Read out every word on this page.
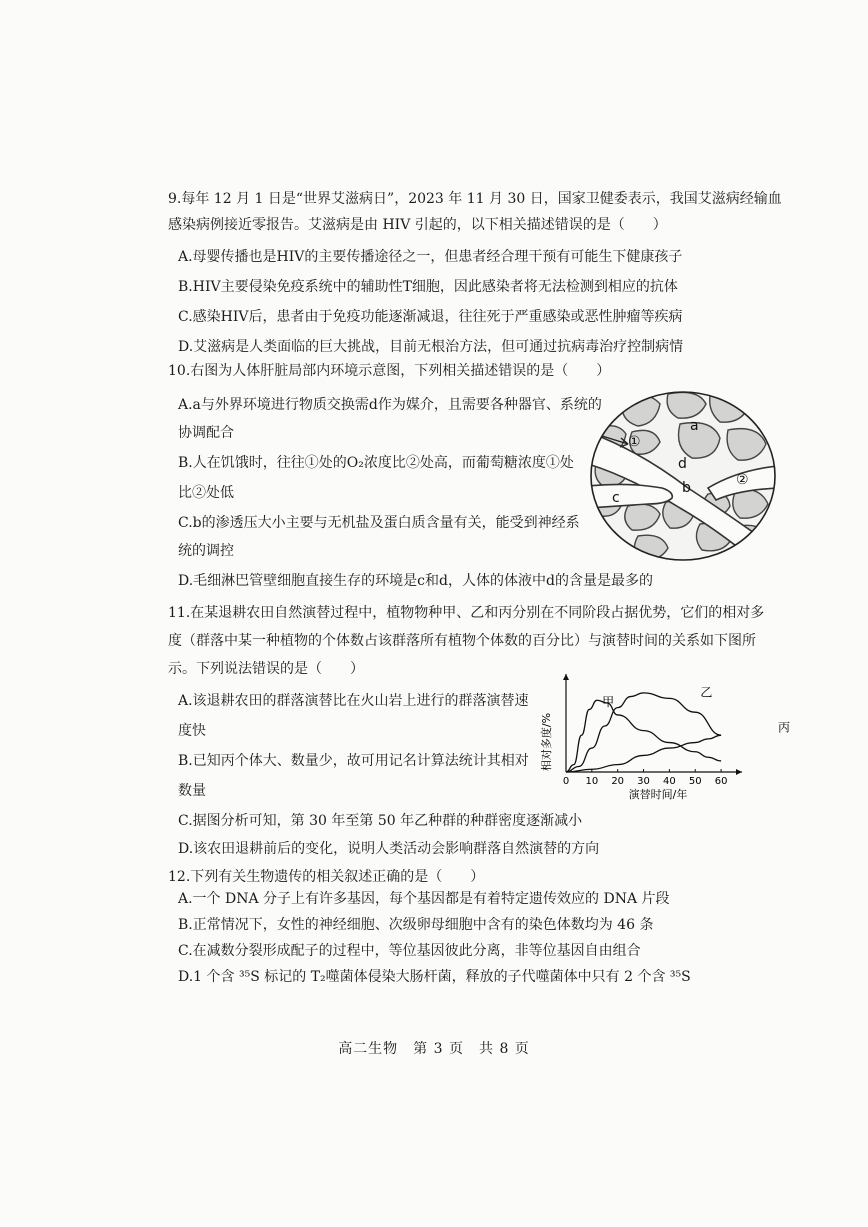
9.每年 12 月 1 日是“世界艾滋病日”，2023 年 11 月 30 日，国家卫健委表示，我国艾滋病经输血
感染病例接近零报告。艾滋病是由 HIV 引起的，以下相关描述错误的是（　　）
A.母婴传播也是HIV的主要传播途径之一，但患者经合理干预有可能生下健康孩子
B.HIV主要侵染免疫系统中的辅助性T细胞，因此感染者将无法检测到相应的抗体
C.感染HIV后，患者由于免疫功能逐渐减退，往往死于严重感染或恶性肿瘤等疾病
D.艾滋病是人类面临的巨大挑战，目前无根治方法，但可通过抗病毒治疗控制病情
10.右图为人体肝脏局部内环境示意图，下列相关描述错误的是（　　）
A.a与外界环境进行物质交换需d作为媒介，且需要各种器官、系统的
协调配合
B.人在饥饿时，往往①处的O₂浓度比②处高，而葡萄糖浓度①处
比②处低
C.b的渗透压大小主要与无机盐及蛋白质含量有关，能受到神经系
统的调控
D.毛细淋巴管壁细胞直接生存的环境是c和d，人体的体液中d的含量是最多的
a
b
c
d
①
②
11.在某退耕农田自然演替过程中，植物物种甲、乙和丙分别在不同阶段占据优势，它们的相对多
度（群落中某一种植物的个体数占该群落所有植物个体数的百分比）与演替时间的关系如下图所
示。下列说法错误的是（　　）
A.该退耕农田的群落演替比在火山岩上进行的群落演替速
度快
B.已知丙个体大、数量少，故可用记名计算法统计其相对
数量
C.据图分析可知，第 30 年至第 50 年乙种群的种群密度逐渐减小
D.该农田退耕前后的变化，说明人类活动会影响群落自然演替的方向
相对多度/%
演替时间/年
0 10 20 30 40 50 60
甲
乙
丙
12.下列有关生物遗传的相关叙述正确的是（　　）
A.一个 DNA 分子上有许多基因，每个基因都是有着特定遗传效应的 DNA 片段
B.正常情况下，女性的神经细胞、次级卵母细胞中含有的染色体数均为 46 条
C.在减数分裂形成配子的过程中，等位基因彼此分离，非等位基因自由组合
D.1 个含 ³⁵S 标记的 T₂噬菌体侵染大肠杆菌，释放的子代噬菌体中只有 2 个含 ³⁵S
高二生物　第 3 页　共 8 页
